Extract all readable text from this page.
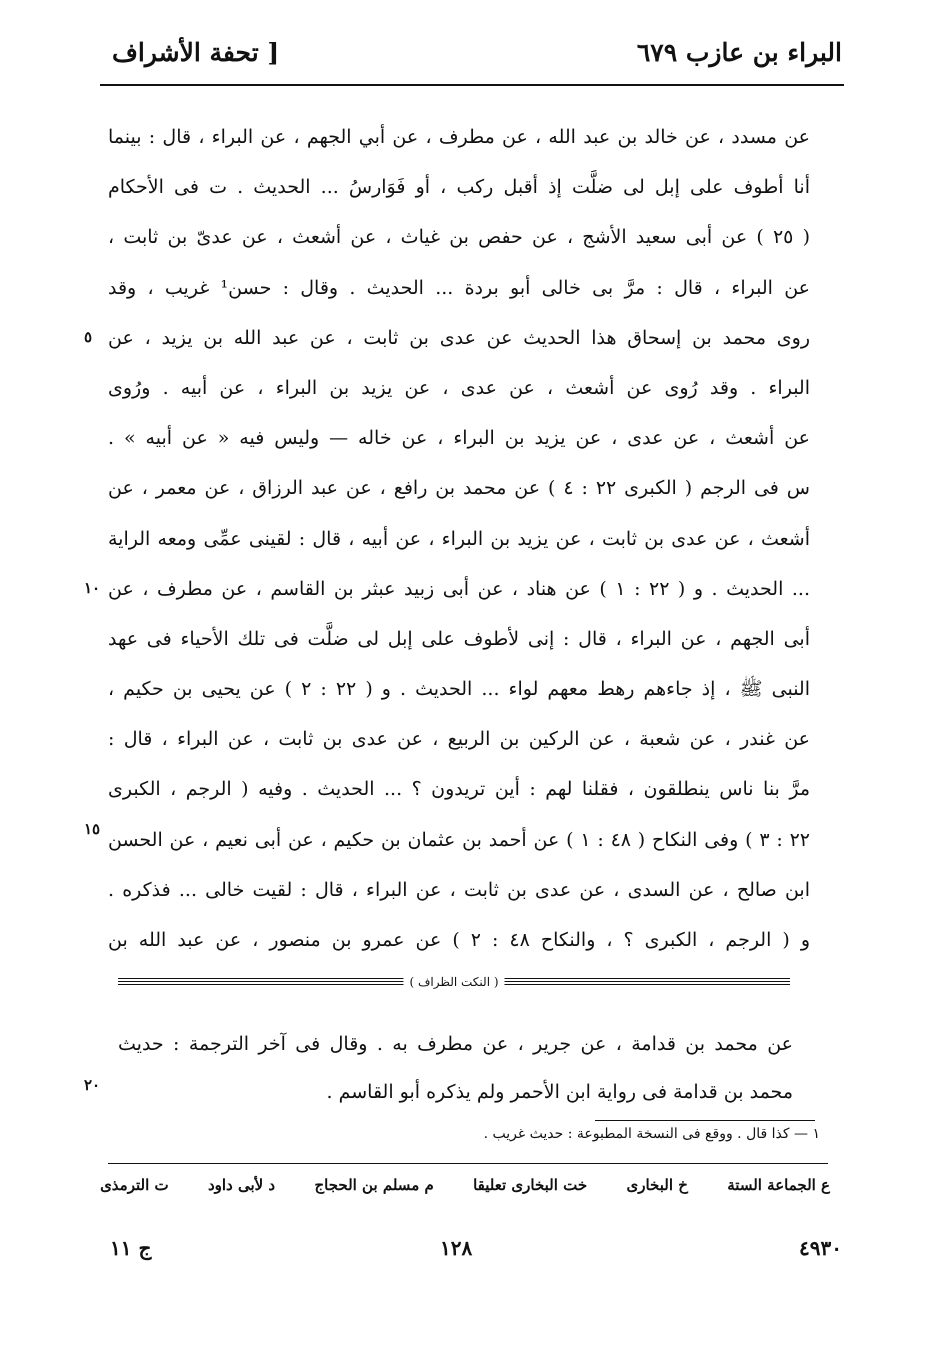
البراء بن عازب ٦٧٩
[ تحفة الأشراف
عن مسدد ، عن خالد بن عبد الله ، عن مطرف ، عن أبي الجهم ، عن البراء ، قال : بينما
أنا أطوف على إبل لى ضلَّت إذ أقبل ركب ، أو فَوَارسُ ... الحديث . ت فى الأحكام
( ٢٥ ) عن أبى سعيد الأشج ، عن حفص بن غياث ، عن أشعث ، عن عدىّ بن ثابت ،
عن البراء ، قال : مرَّ بى خالى أبو بردة ... الحديث . وقال : حسن¹ غريب ، وقد
روى محمد بن إسحاق هذا الحديث عن عدى بن ثابت ، عن عبد الله بن يزيد ، عن
البراء . وقد رُوى عن أشعث ، عن عدى ، عن يزيد بن البراء ، عن أبيه . ورُوى
عن أشعث ، عن عدى ، عن يزيد بن البراء ، عن خاله — وليس فيه « عن أبيه » .
س فى الرجم ( الكبرى ٢٢ : ٤ ) عن محمد بن رافع ، عن عبد الرزاق ، عن معمر ، عن
أشعث ، عن عدى بن ثابت ، عن يزيد بن البراء ، عن أبيه ، قال : لقينى عمِّى ومعه الراية
... الحديث . و ( ٢٢ : ١ ) عن هناد ، عن أبى زبيد عبثر بن القاسم ، عن مطرف ، عن
أبى الجهم ، عن البراء ، قال : إنى لأطوف على إبل لى ضلَّت فى تلك الأحياء فى عهد
النبى ﷺ ، إذ جاءهم رهط معهم لواء ... الحديث . و ( ٢٢ : ٢ ) عن يحيى بن حكيم ،
عن غندر ، عن شعبة ، عن الركين بن الربيع ، عن عدى بن ثابت ، عن البراء ، قال :
مرَّ بنا ناس ينطلقون ، فقلنا لهم : أين تريدون ؟ ... الحديث . وفيه ( الرجم ، الكبرى
٢٢ : ٣ ) وفى النكاح ( ٤٨ : ١ ) عن أحمد بن عثمان بن حكيم ، عن أبى نعيم ، عن الحسن
ابن صالح ، عن السدى ، عن عدى بن ثابت ، عن البراء ، قال : لقيت خالى ... فذكره .
و ( الرجم ، الكبرى ؟ ، والنكاح ٤٨ : ٢ ) عن عمرو بن منصور ، عن عبد الله بن
٥
١٠
١٥
٢٠
( النكت الظراف )
عن محمد بن قدامة ، عن جرير ، عن مطرف به . وقال فى آخر الترجمة : حديث
محمد بن قدامة فى رواية ابن الأحمر ولم يذكره أبو القاسم .
١ — كذا قال . ووقع فى النسخة المطبوعة : حديث غريب .
ع الجماعة الستة
خ البخارى
خت البخارى تعليقا
م مسلم بن الحجاج
د لأبى داود
ت الترمذى
٤٩٣٠
١٢٨
ج ١١
